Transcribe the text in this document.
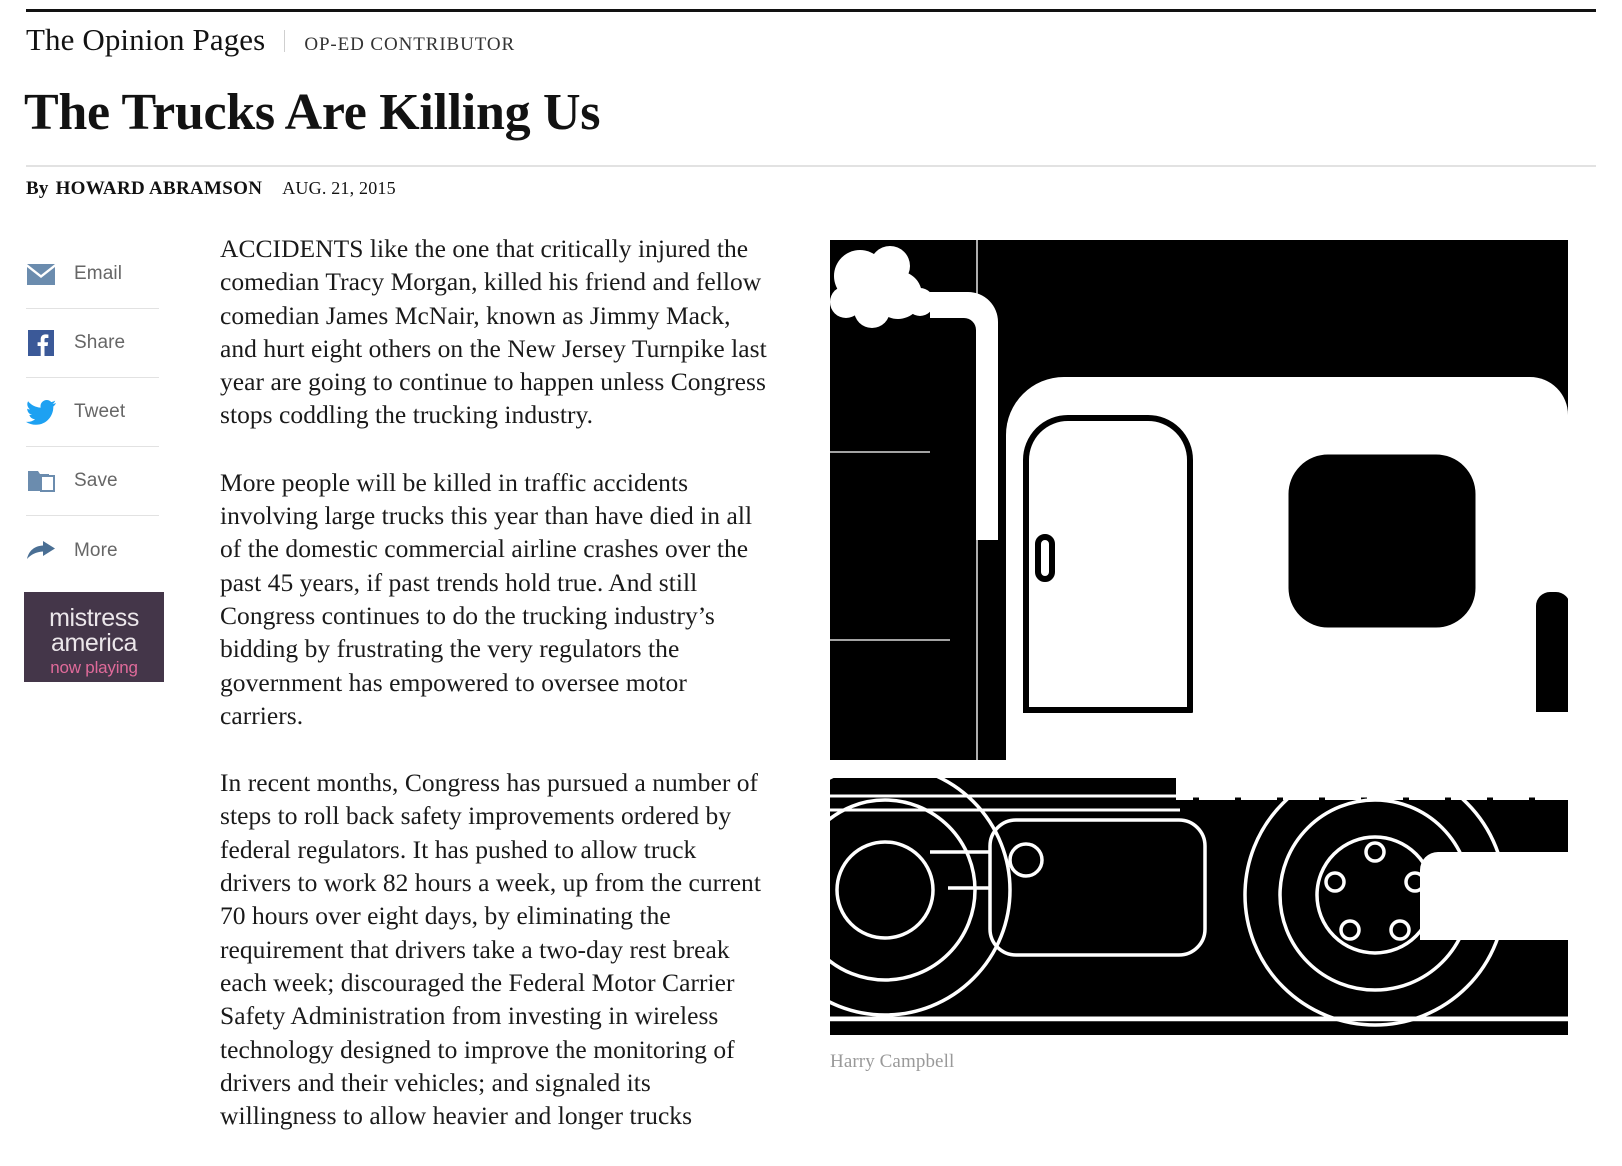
The Opinion Pages OP-ED CONTRIBUTOR
The Trucks Are Killing Us
By HOWARD ABRAMSON AUG. 21, 2015
Email
Share
Tweet
Save
More
mistress
america
now playing

ACCIDENTS like the one that critically injured the comedian Tracy Morgan, killed his friend and fellow comedian James McNair, known as Jimmy Mack, and hurt eight others on the New Jersey Turnpike last year are going to continue to happen unless Congress stops coddling the trucking industry.

More people will be killed in traffic accidents involving large trucks this year than have died in all of the domestic commercial airline crashes over the past 45 years, if past trends hold true. And still Congress continues to do the trucking industry’s bidding by frustrating the very regulators the government has empowered to oversee motor carriers.

In recent months, Congress has pursued a number of steps to roll back safety improvements ordered by federal regulators. It has pushed to allow truck drivers to work 82 hours a week, up from the current 70 hours over eight days, by eliminating the requirement that drivers take a two-day rest break each week; discouraged the Federal Motor Carrier Safety Administration from investing in wireless technology designed to improve the monitoring of drivers and their vehicles; and signaled its willingness to allow heavier and longer trucks

Harry Campbell
